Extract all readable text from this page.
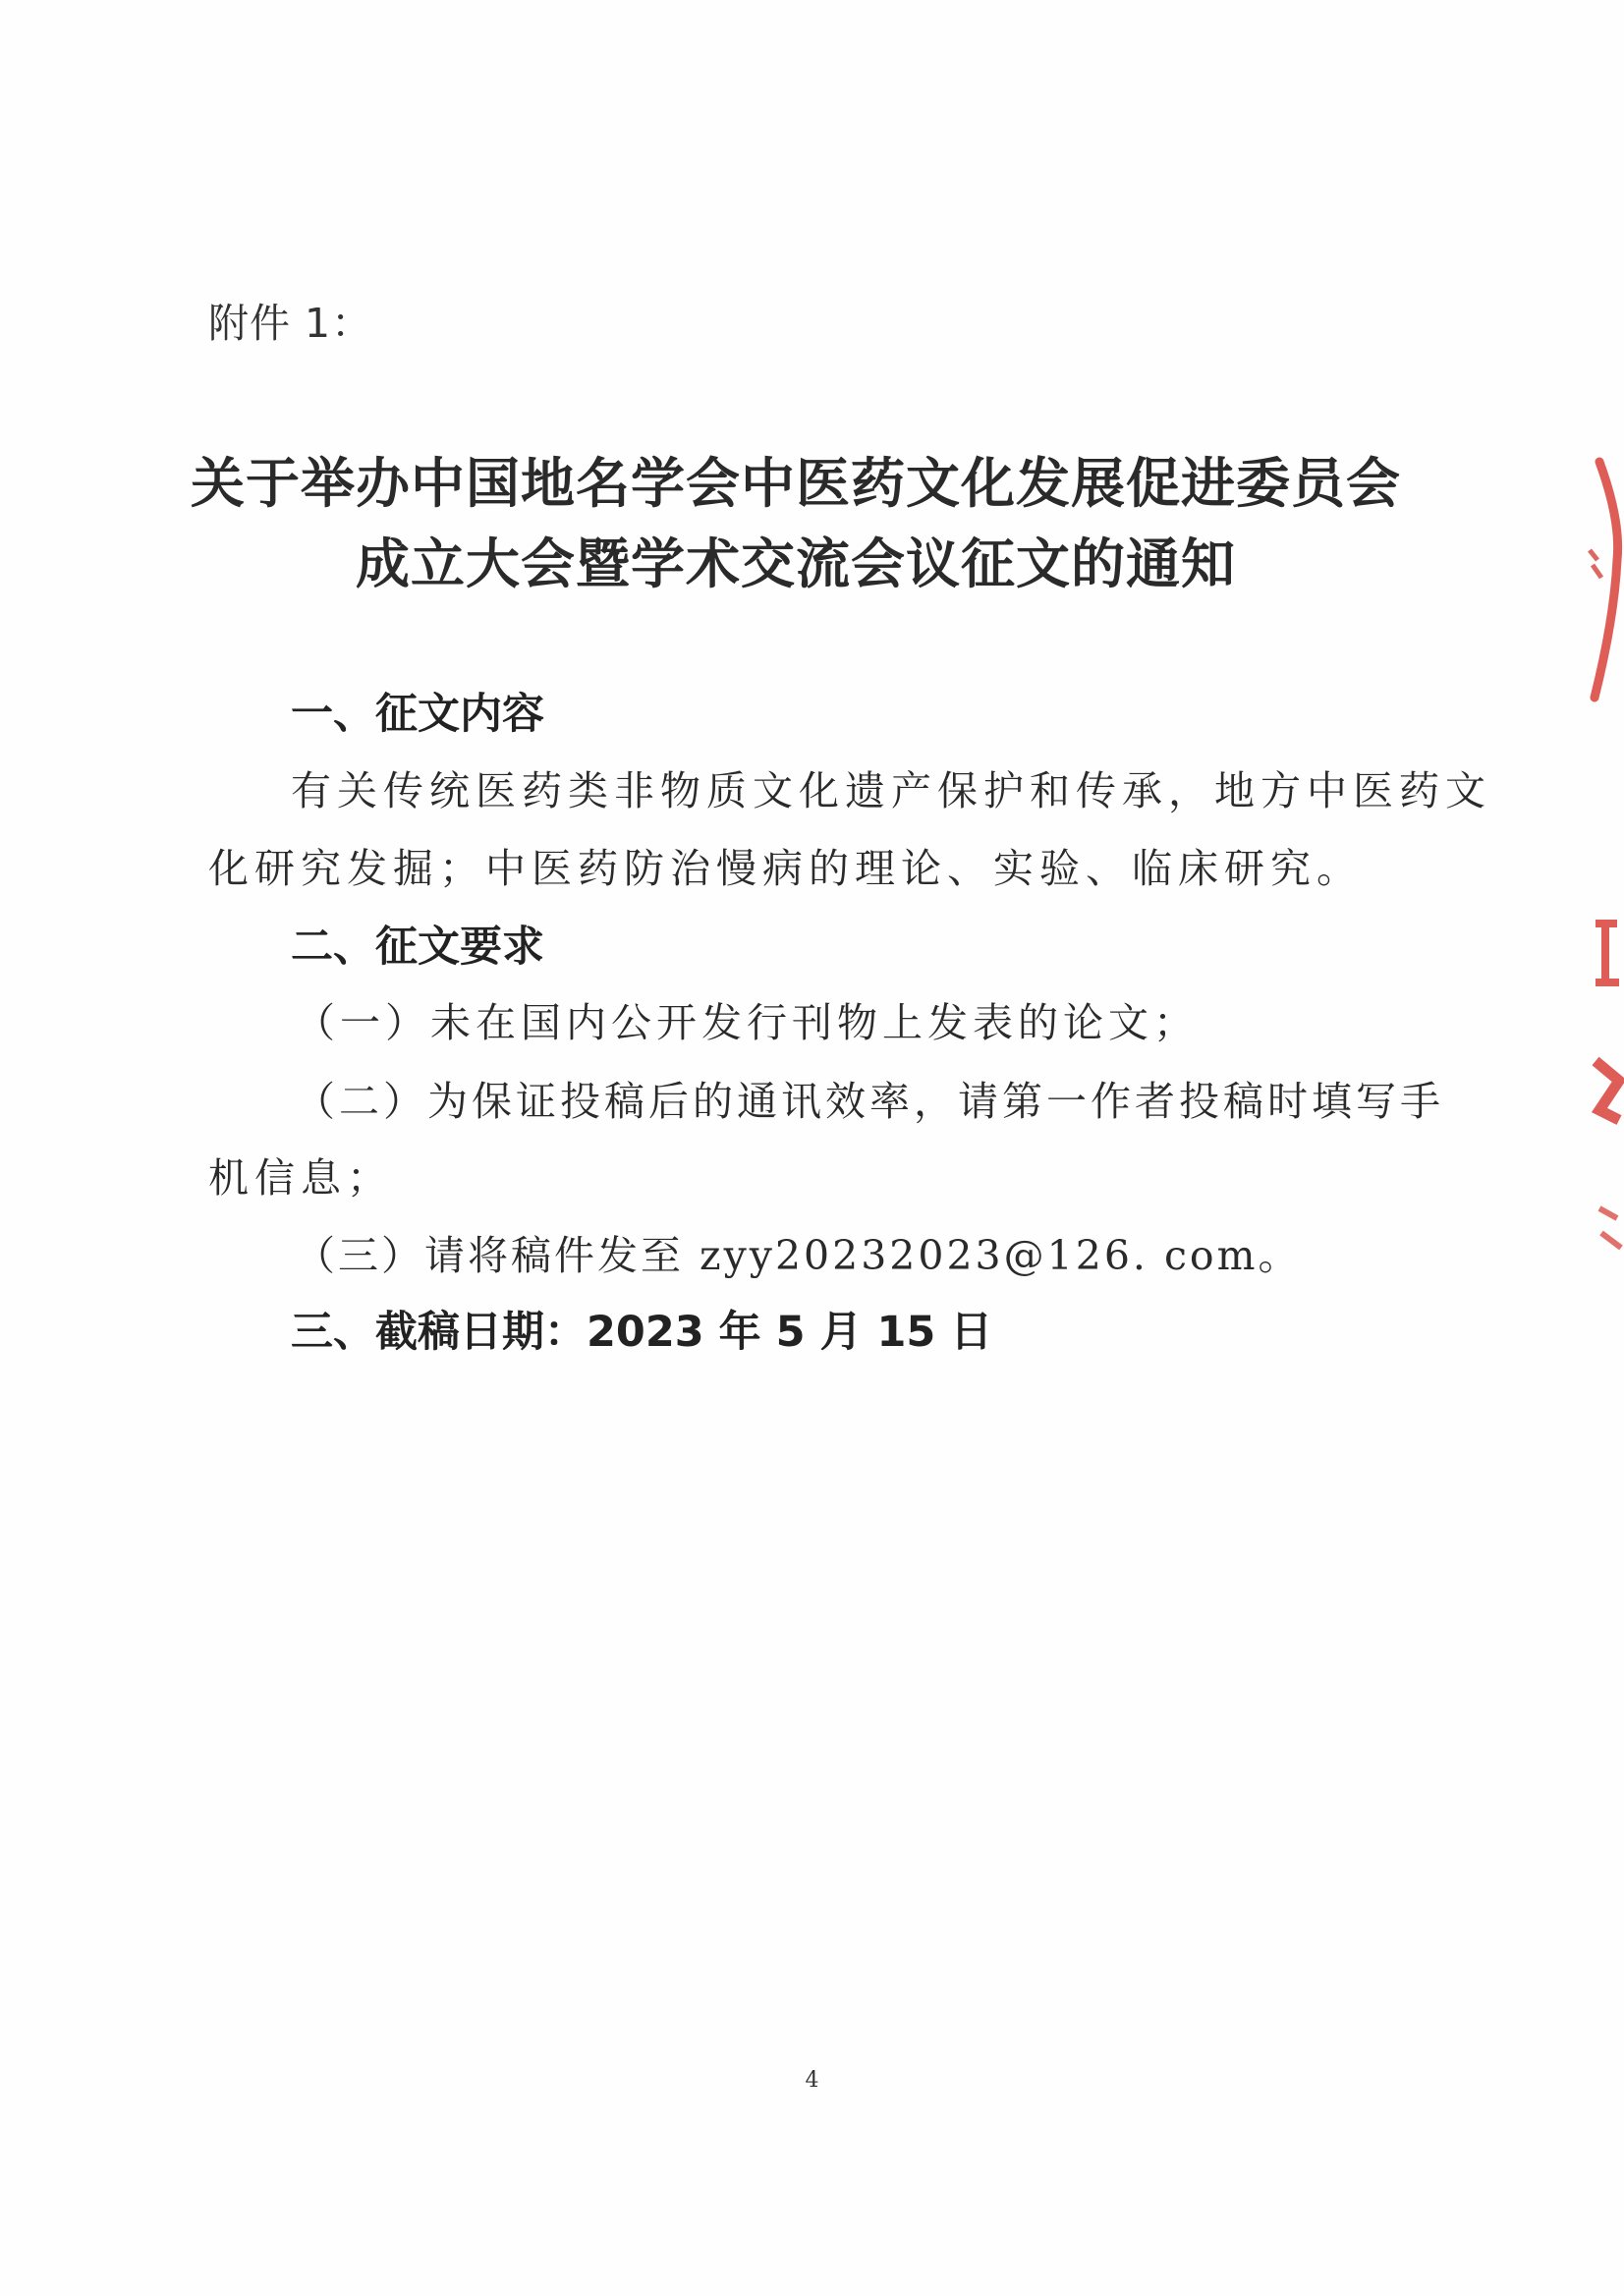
附件 1：
关于举办中国地名学会中医药文化发展促进委员会
成立大会暨学术交流会议征文的通知
一、征文内容
有关传统医药类非物质文化遗产保护和传承，地方中医药文
化研究发掘；中医药防治慢病的理论、实验、临床研究。
二、征文要求
（一）未在国内公开发行刊物上发表的论文；
（二）为保证投稿后的通讯效率，请第一作者投稿时填写手
机信息；
（三）请将稿件发至 zyy20232023@126. com。
三、截稿日期：2023 年 5 月 15 日
4
